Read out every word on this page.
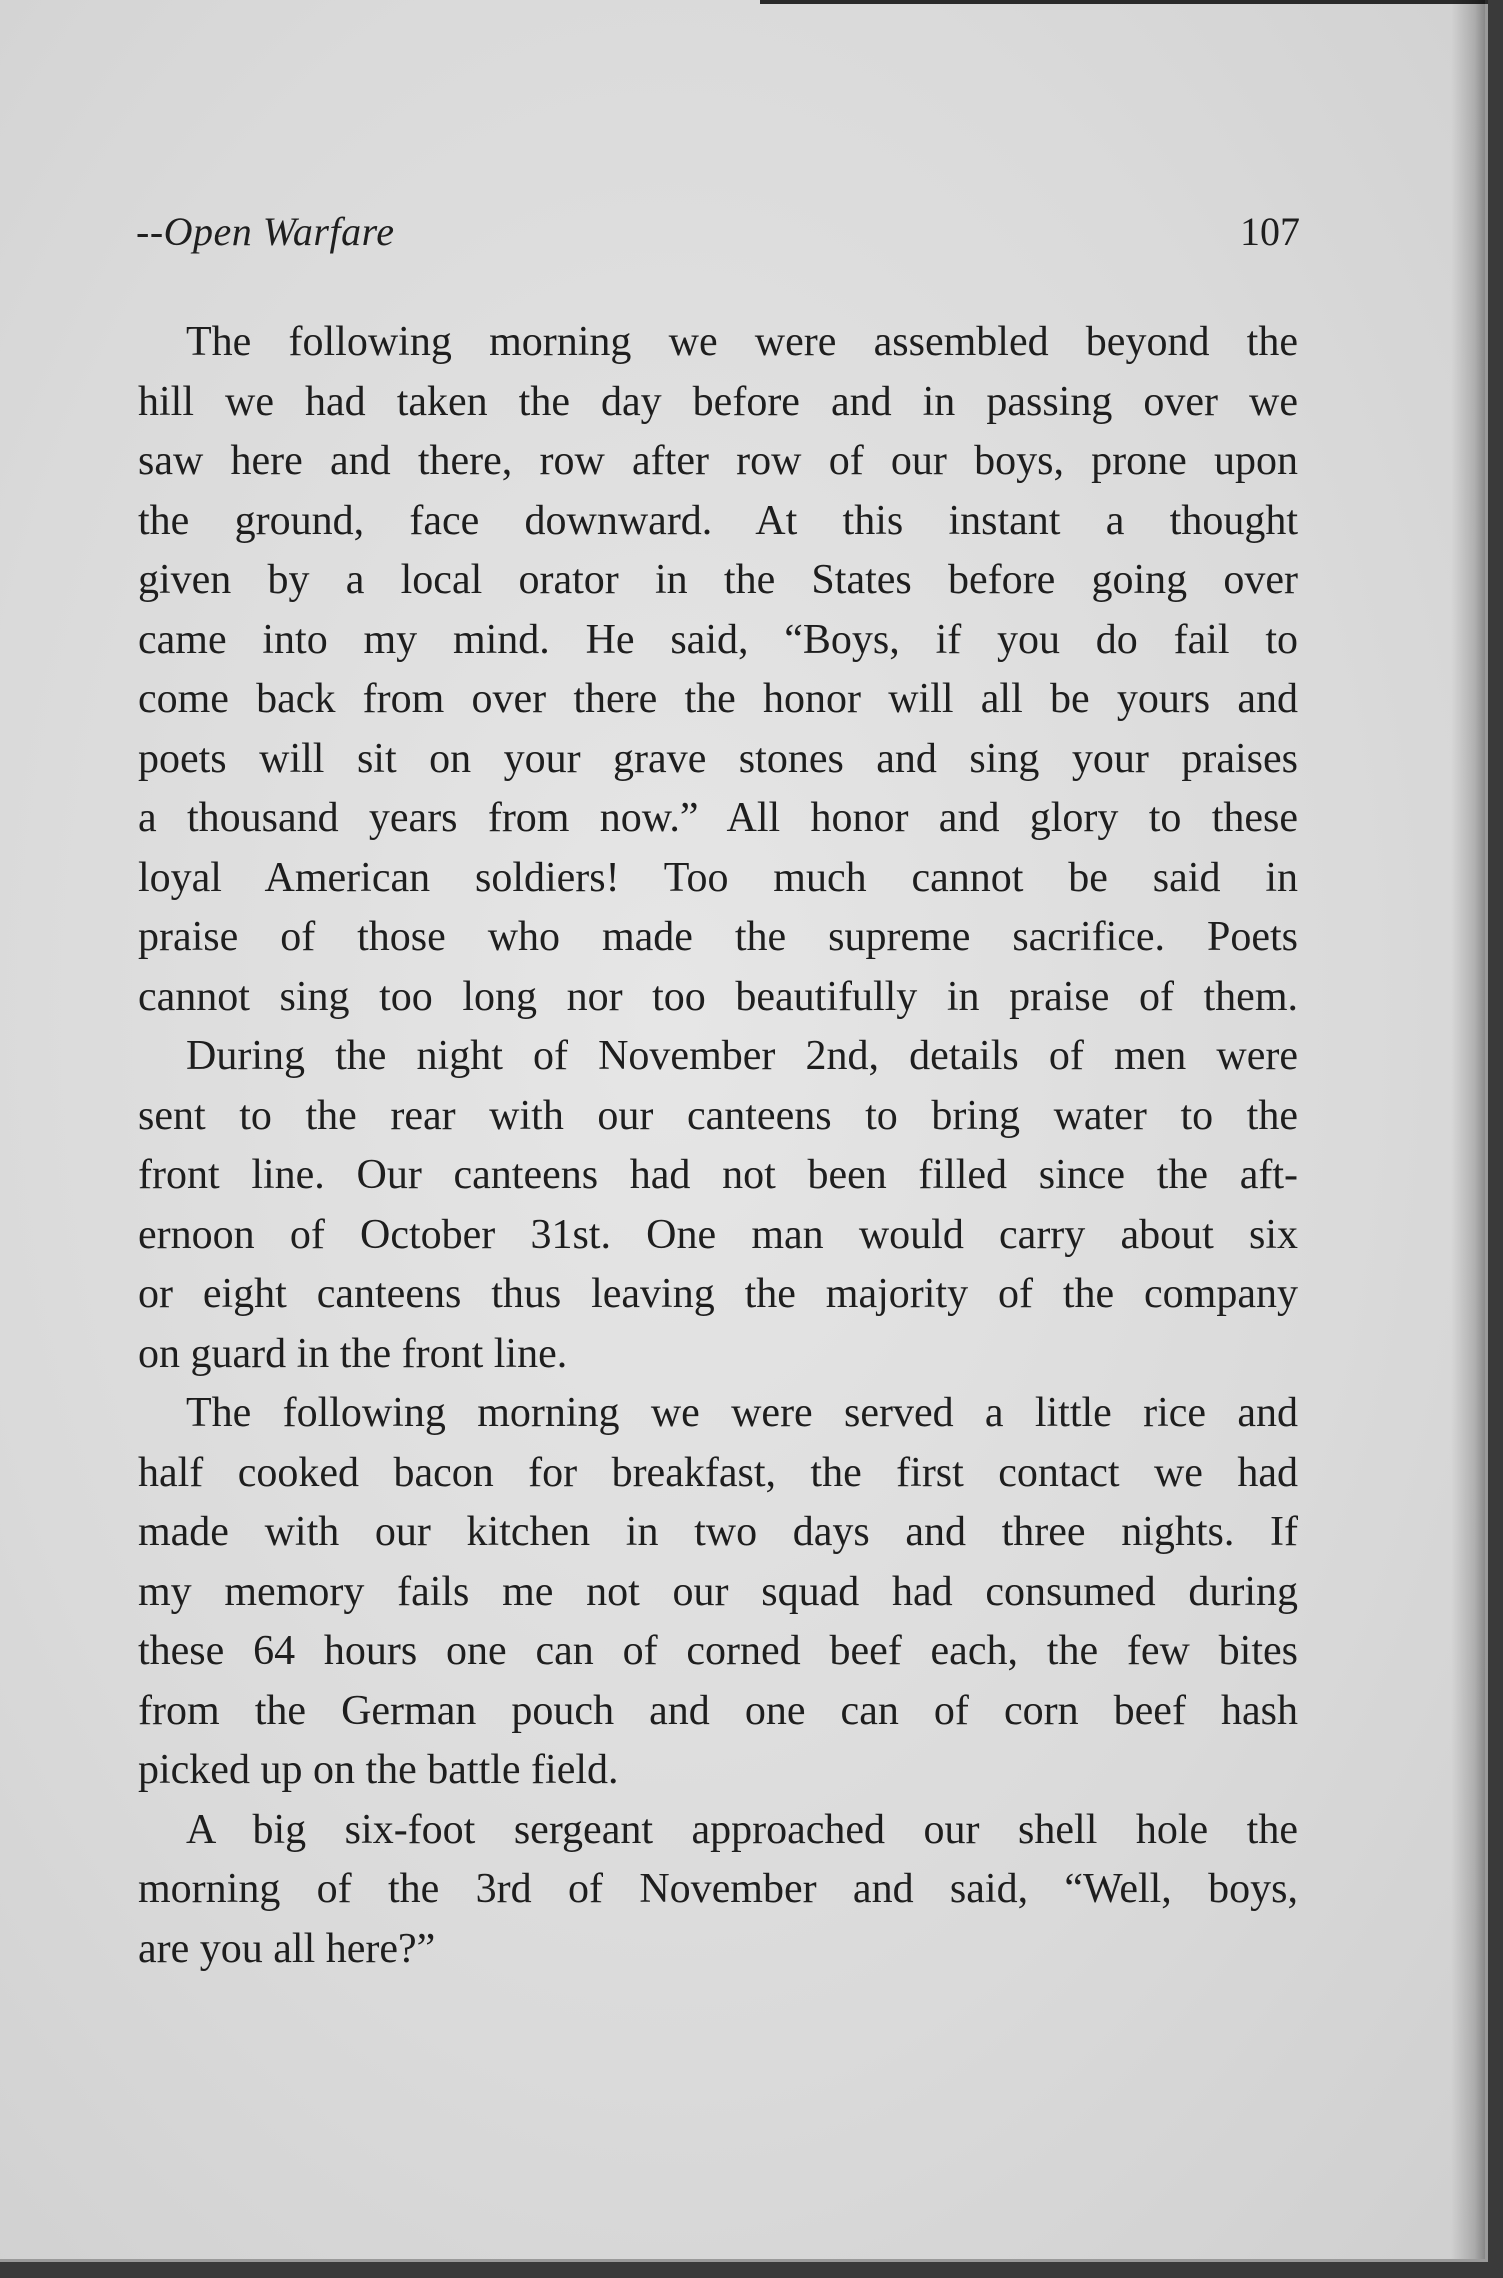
--Open Warfare	107
The following morning we were assembled beyond the
hill we had taken the day before and in passing over we
saw here and there, row after row of our boys, prone upon
the ground, face downward. At this instant a thought
given by a local orator in the States before going over
came into my mind. He said, “Boys, if you do fail to
come back from over there the honor will all be yours and
poets will sit on your grave stones and sing your praises
a thousand years from now.” All honor and glory to these
loyal American soldiers! Too much cannot be said in
praise of those who made the supreme sacrifice. Poets
cannot sing too long nor too beautifully in praise of them.
During the night of November 2nd, details of men were
sent to the rear with our canteens to bring water to the
front line. Our canteens had not been filled since the aft-
ernoon of October 31st. One man would carry about six
or eight canteens thus leaving the majority of the company
on guard in the front line.
The following morning we were served a little rice and
half cooked bacon for breakfast, the first contact we had
made with our kitchen in two days and three nights. If
my memory fails me not our squad had consumed during
these 64 hours one can of corned beef each, the few bites
from the German pouch and one can of corn beef hash
picked up on the battle field.
A big six-foot sergeant approached our shell hole the
morning of the 3rd of November and said, “Well, boys,
are you all here?”
